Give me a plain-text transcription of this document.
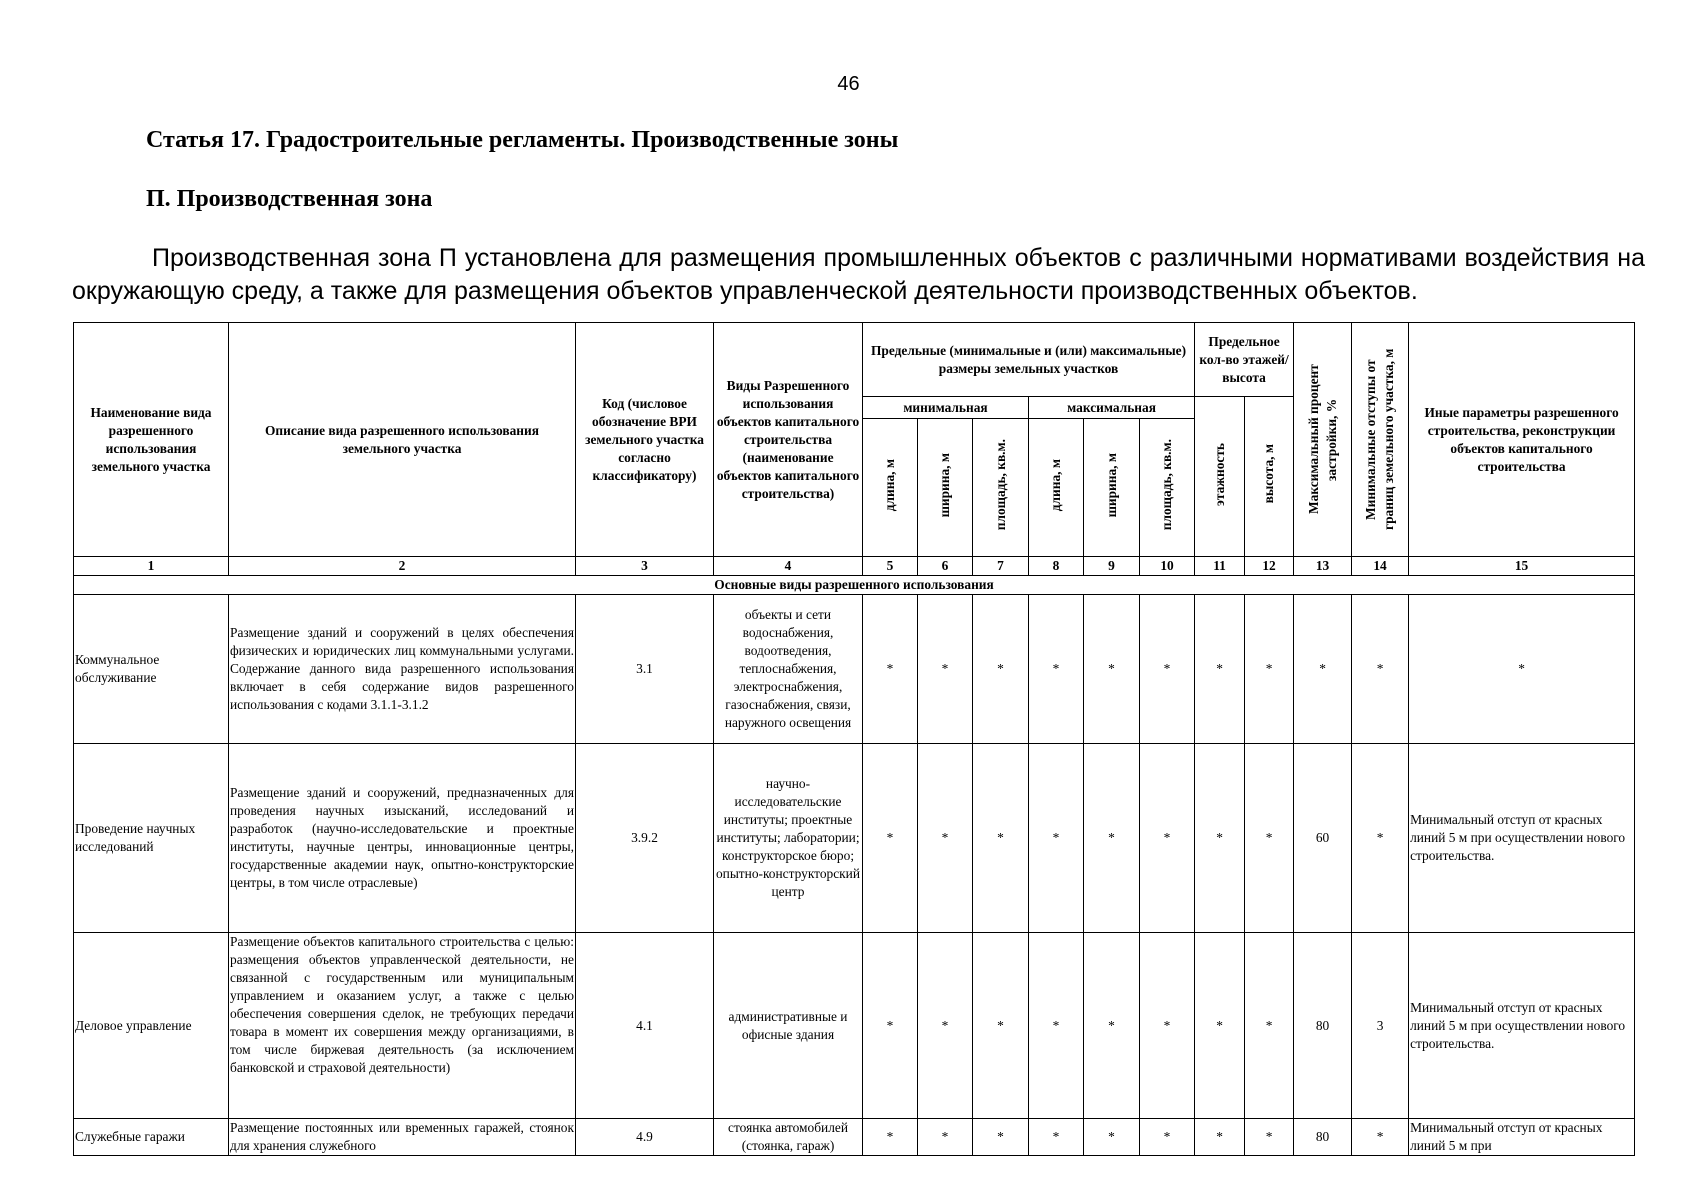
46
Статья 17. Градостроительные регламенты. Производственные зоны
П. Производственная зона

Производственная зона П установлена для размещения промышленных объектов с различными нормативами воздействия на окружающую среду, а также для размещения объектов управленческой деятельности производственных объектов.

Наименование вида разрешенного использования земельного участка	Описание вида разрешенного использования земельного участка	Код (числовое обозначение ВРИ земельного участка согласно классификатору)	Виды Разрешенного использования объектов капитального строительства (наименование объектов капитального строительства)	Предельные (минимальные и (или) максимальные) размеры земельных участков						Предельное кол-во этажей/ высота		Максимальный процент застройки, %	Минимальные отступы от границ земельного участка, м	Иные параметры разрешенного строительства, реконструкции объектов капитального строительства
				минимальная			максимальная			этажность	высота, м			
				длина, м	ширина, м	площадь, кв.м.	длина, м	ширина, м	площадь, кв.м.					
1	2	3	4	5	6	7	8	9	10	11	12	13	14	15
Основные виды разрешенного использования														
Коммунальное обслуживание	Размещение зданий и сооружений в целях обеспечения физических и юридических лиц коммунальными услугами. Содержание данного вида разрешенного использования включает в себя содержание видов разрешенного использования с кодами 3.1.1-3.1.2	3.1	объекты и сети водоснабжения, водоотведения, теплоснабжения, электроснабжения, газоснабжения, связи, наружного освещения	*	*	*	*	*	*	*	*	*	*	*
Проведение научных исследований	Размещение зданий и сооружений, предназначенных для проведения научных изысканий, исследований и разработок (научно-исследовательские и проектные институты, научные центры, инновационные центры, государственные академии наук, опытно-конструкторские центры, в том числе отраслевые)	3.9.2	научно-исследовательские институты; проектные институты; лаборатории; конструкторское бюро; опытно-конструкторский центр	*	*	*	*	*	*	*	*	60	*	Минимальный отступ от красных линий 5 м при осуществлении нового строительства.
Деловое управление	Размещение объектов капитального строительства с целью: размещения объектов управленческой деятельности, не связанной с государственным или муниципальным управлением и оказанием услуг, а также с целью обеспечения совершения сделок, не требующих передачи товара в момент их совершения между организациями, в том числе биржевая деятельность (за исключением банковской и страховой деятельности)	4.1	административные и офисные здания	*	*	*	*	*	*	*	*	80	3	Минимальный отступ от красных линий 5 м при осуществлении нового строительства.
Служебные гаражи	Размещение постоянных или временных гаражей, стоянок для хранения служебного	4.9	стоянка автомобилей (стоянка, гараж)	*	*	*	*	*	*	*	*	80	*	Минимальный отступ от красных линий 5 м при
